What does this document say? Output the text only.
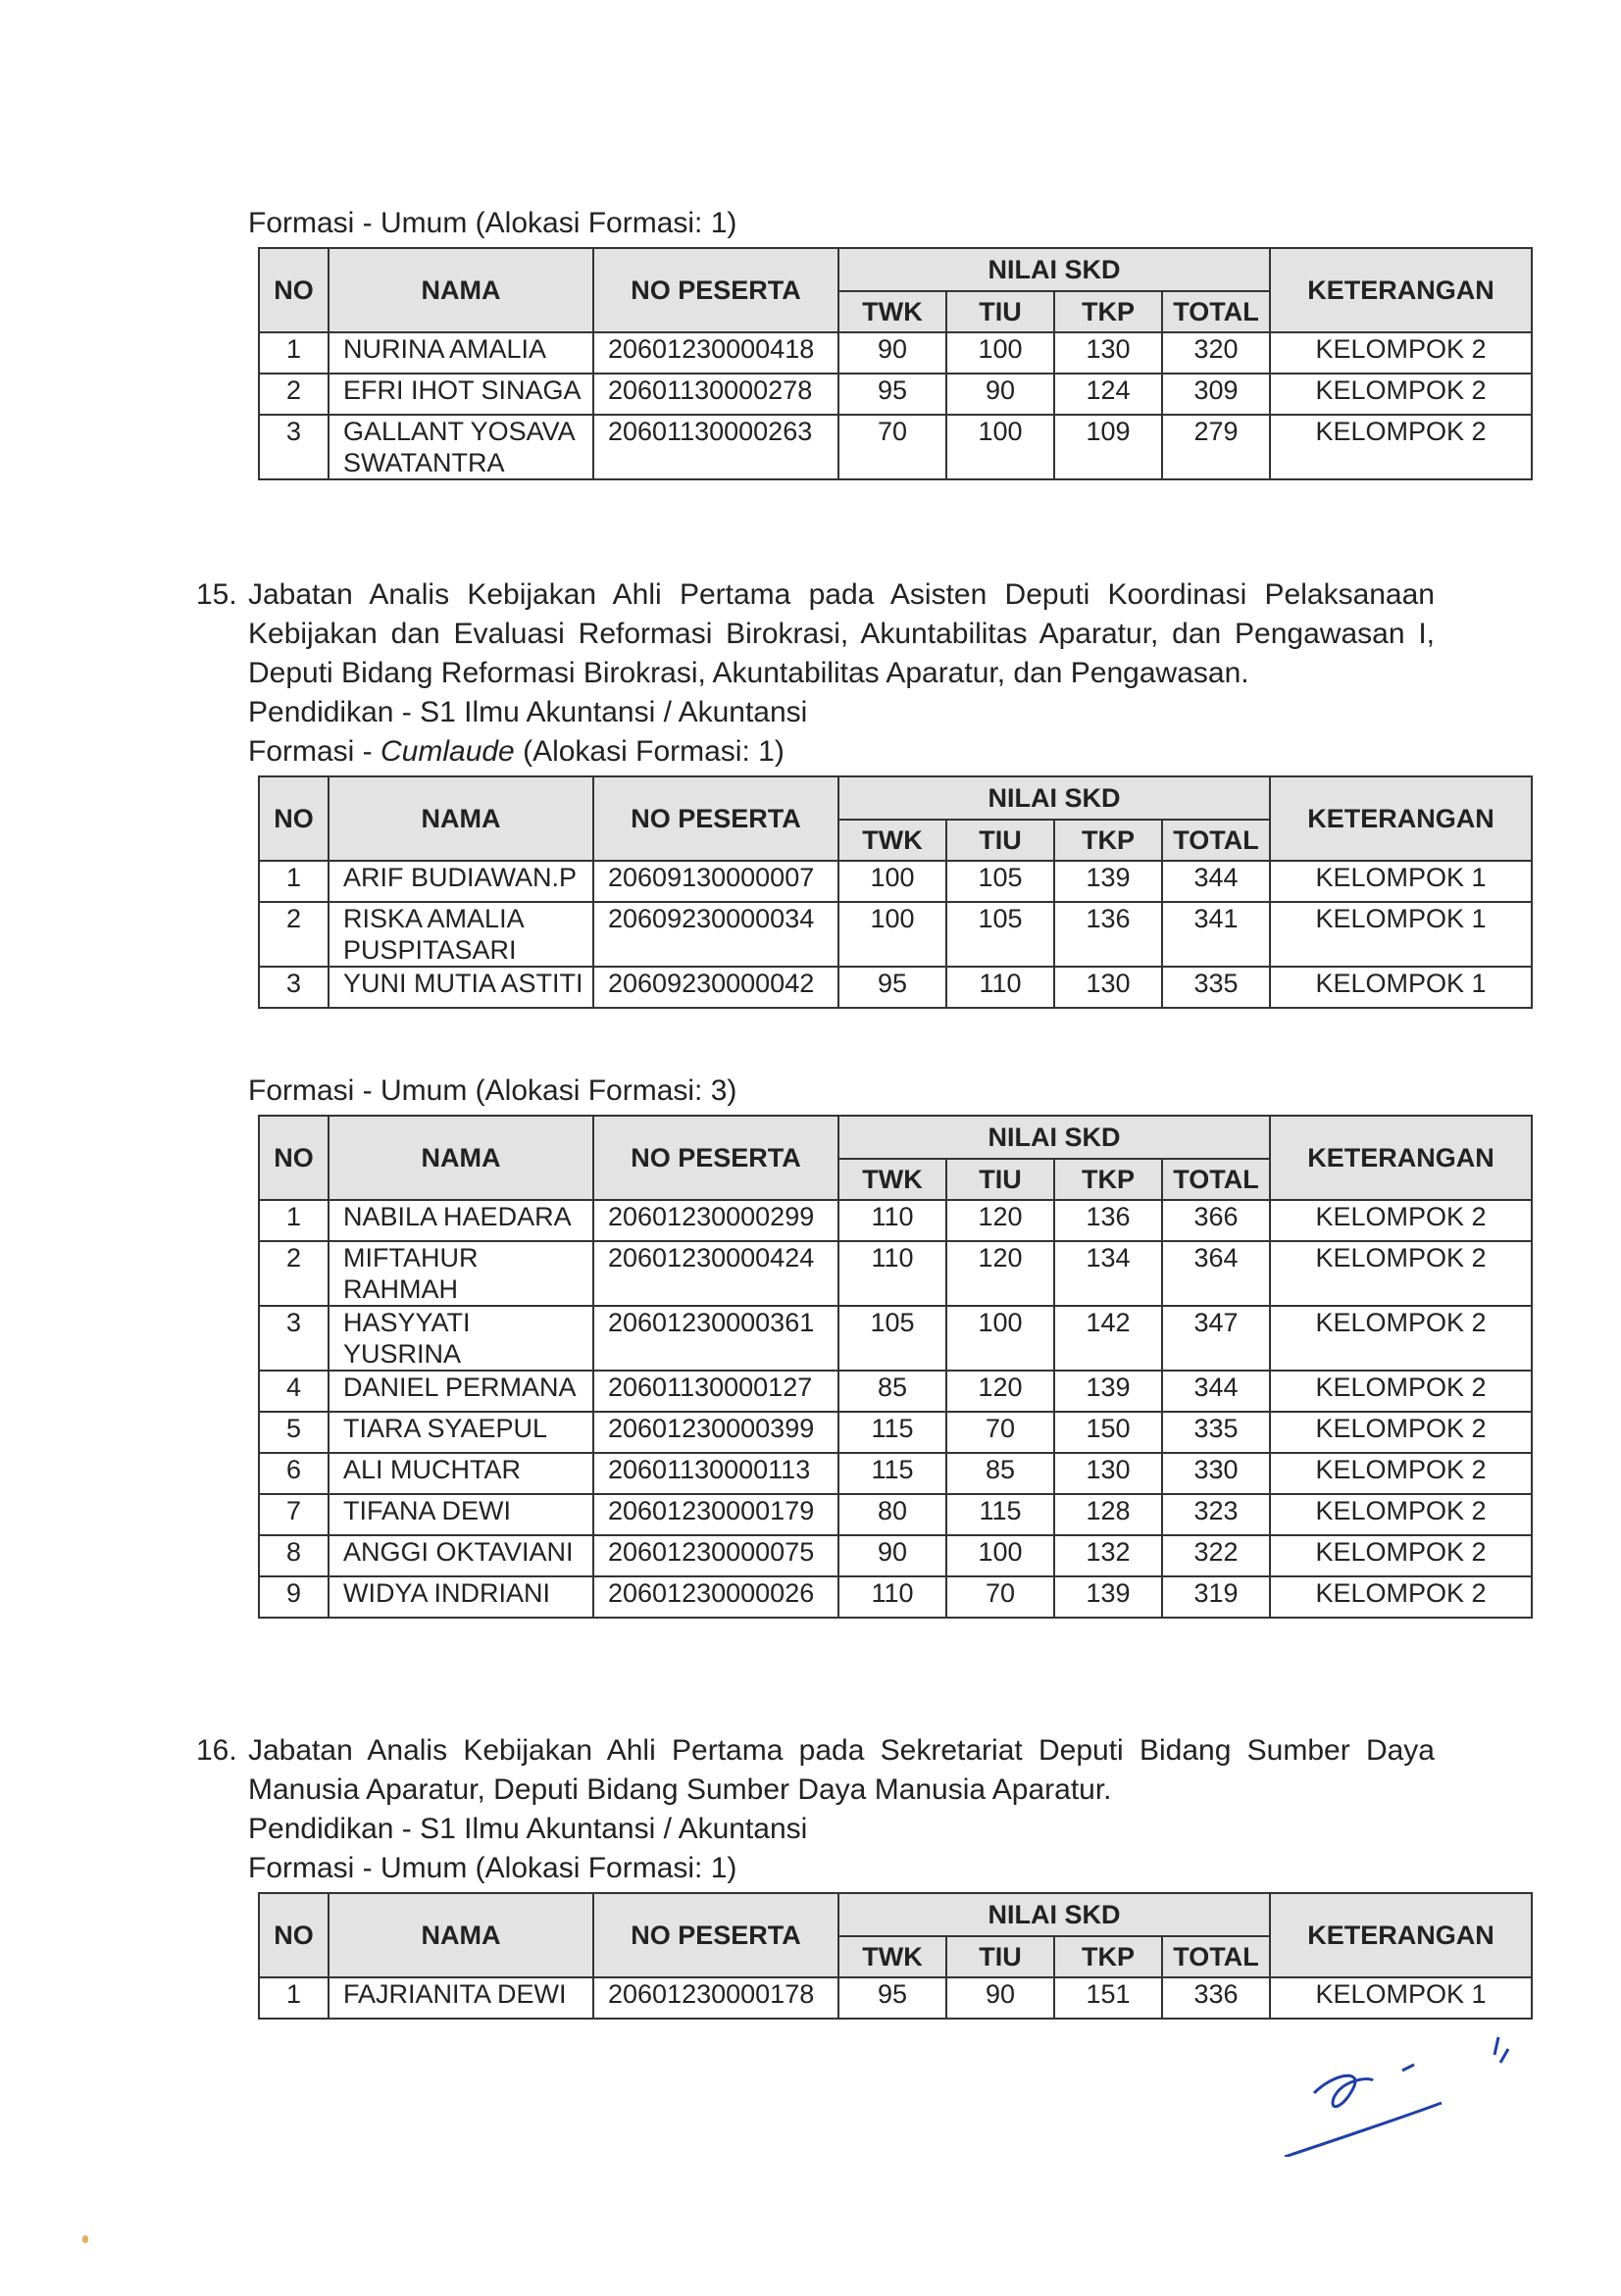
Formasi - Umum (Alokasi Formasi: 1)
NO	NAMA	NO PESERTA	NILAI SKD				KETERANGAN
			TWK	TIU	TKP	TOTAL	
1	NURINA AMALIA	20601230000418	90	100	130	320	KELOMPOK 2
2	EFRI IHOT SINAGA	20601130000278	95	90	124	309	KELOMPOK 2
3	GALLANT YOSAVA SWATANTRA	20601130000263	70	100	109	279	KELOMPOK 2
15. Jabatan Analis Kebijakan Ahli Pertama pada Asisten Deputi Koordinasi Pelaksanaan
Kebijakan dan Evaluasi Reformasi Birokrasi, Akuntabilitas Aparatur, dan Pengawasan I,
Deputi Bidang Reformasi Birokrasi, Akuntabilitas Aparatur, dan Pengawasan.
Pendidikan - S1 Ilmu Akuntansi / Akuntansi
Formasi - Cumlaude (Alokasi Formasi: 1)
NO	NAMA	NO PESERTA	NILAI SKD				KETERANGAN
			TWK	TIU	TKP	TOTAL	
1	ARIF BUDIAWAN.P	20609130000007	100	105	139	344	KELOMPOK 1
2	RISKA AMALIA PUSPITASARI	20609230000034	100	105	136	341	KELOMPOK 1
3	YUNI MUTIA ASTITI	20609230000042	95	110	130	335	KELOMPOK 1
Formasi - Umum (Alokasi Formasi: 3)
NO	NAMA	NO PESERTA	NILAI SKD				KETERANGAN
			TWK	TIU	TKP	TOTAL	
1	NABILA HAEDARA	20601230000299	110	120	136	366	KELOMPOK 2
2	MIFTAHUR RAHMAH	20601230000424	110	120	134	364	KELOMPOK 2
3	HASYYATI YUSRINA	20601230000361	105	100	142	347	KELOMPOK 2
4	DANIEL PERMANA	20601130000127	85	120	139	344	KELOMPOK 2
5	TIARA SYAEPUL	20601230000399	115	70	150	335	KELOMPOK 2
6	ALI MUCHTAR	20601130000113	115	85	130	330	KELOMPOK 2
7	TIFANA DEWI	20601230000179	80	115	128	323	KELOMPOK 2
8	ANGGI OKTAVIANI	20601230000075	90	100	132	322	KELOMPOK 2
9	WIDYA INDRIANI	20601230000026	110	70	139	319	KELOMPOK 2
16. Jabatan Analis Kebijakan Ahli Pertama pada Sekretariat Deputi Bidang Sumber Daya
Manusia Aparatur, Deputi Bidang Sumber Daya Manusia Aparatur.
Pendidikan - S1 Ilmu Akuntansi / Akuntansi
Formasi - Umum (Alokasi Formasi: 1)
NO	NAMA	NO PESERTA	NILAI SKD				KETERANGAN
			TWK	TIU	TKP	TOTAL	
1	FAJRIANITA DEWI	20601230000178	95	90	151	336	KELOMPOK 1
